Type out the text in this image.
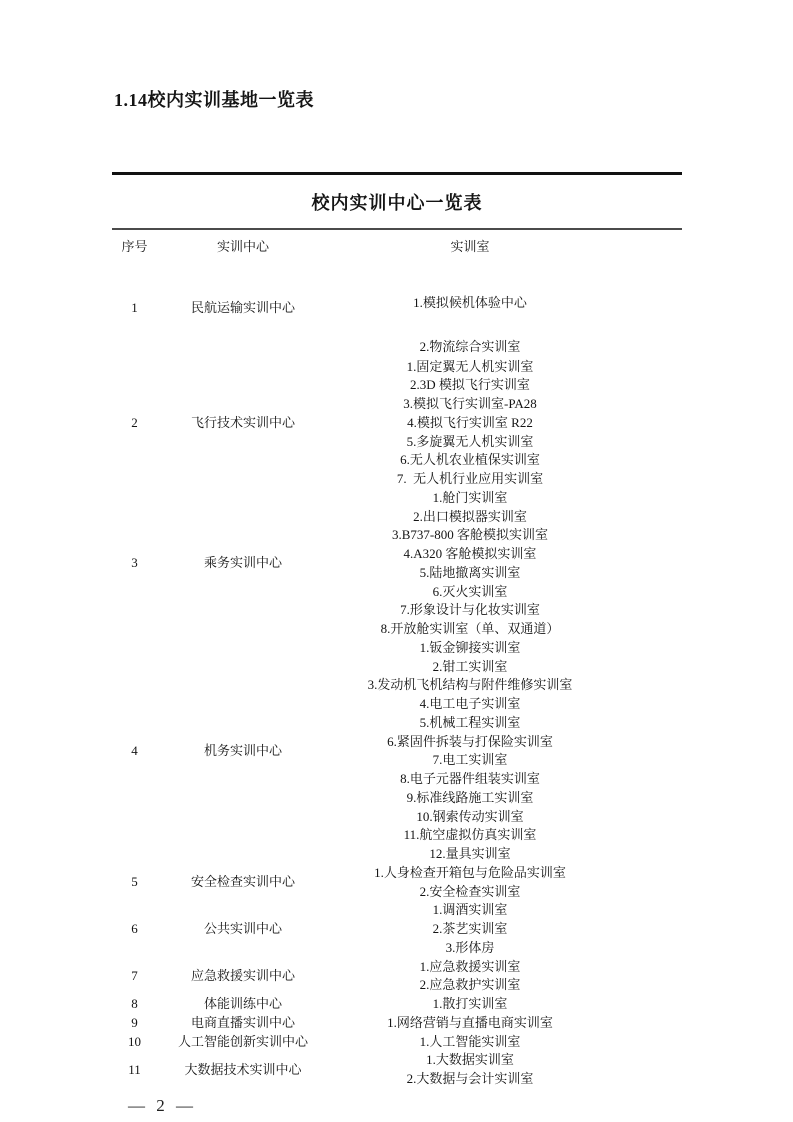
1.14校内实训基地一览表
校内实训中心一览表
序号	实训中心	实训室
1	民航运输实训中心	1.模拟候机体验中心
2.物流综合实训室
2	飞行技术实训中心
1.固定翼无人机实训室
2.3D 模拟飞行实训室
3.模拟飞行实训室-PA28
4.模拟飞行实训室 R22
5.多旋翼无人机实训室
6.无人机农业植保实训室
7. 无人机行业应用实训室
3	乘务实训中心
1.舱门实训室
2.出口模拟器实训室
3.B737-800 客舱模拟实训室
4.A320 客舱模拟实训室
5.陆地撤离实训室
6.灭火实训室
7.形象设计与化妆实训室
8.开放舱实训室（单、双通道）
4	机务实训中心
1.钣金铆接实训室
2.钳工实训室
3.发动机飞机结构与附件维修实训室
4.电工电子实训室
5.机械工程实训室
6.紧固件拆装与打保险实训室
7.电工实训室
8.电子元器件组装实训室
9.标准线路施工实训室
10.钢索传动实训室
11.航空虚拟仿真实训室
12.量具实训室
5	安全检查实训中心
1.人身检查开箱包与危险品实训室
2.安全检查实训室
6	公共实训中心
1.调酒实训室
2.茶艺实训室
3.形体房
7	应急救援实训中心
1.应急救援实训室
2.应急救护实训室
8	体能训练中心	1.散打实训室
9	电商直播实训中心	1.网络营销与直播电商实训室
10	人工智能创新实训中心	1.人工智能实训室
11	大数据技术实训中心
1.大数据实训室
2.大数据与会计实训室
— 2 —
